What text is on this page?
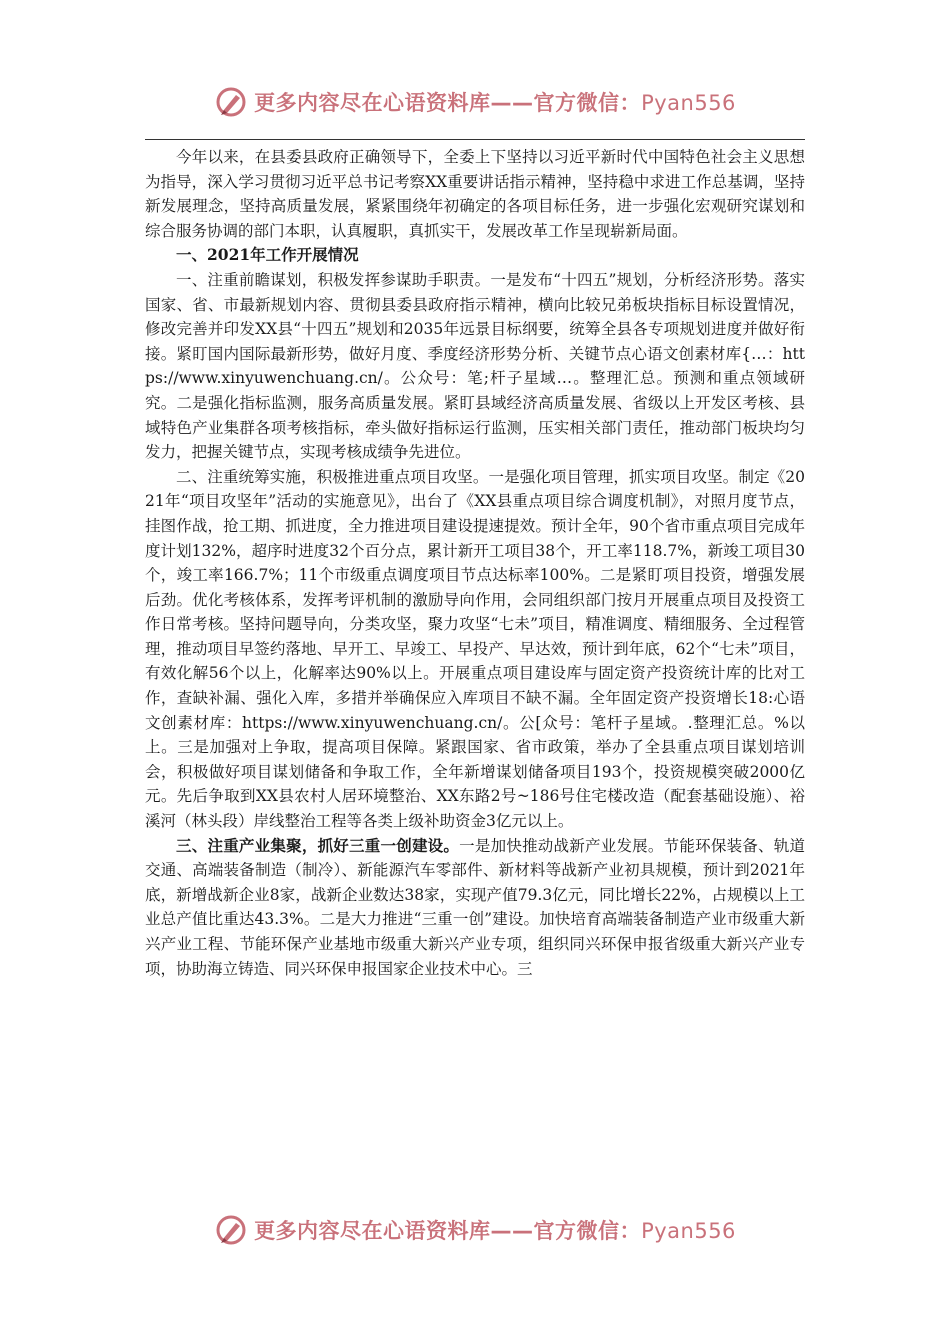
更多内容尽在心语资料库——官方微信：Pyan556

今年以来，在县委县政府正确领导下，全委上下坚持以习近平新时代中国特色社会主义思想为指导，深入学习贯彻习近平总书记考察XX重要讲话指示精神，坚持稳中求进工作总基调，坚持新发展理念，坚持高质量发展，紧紧围绕年初确定的各项目标任务，进一步强化宏观研究谋划和综合服务协调的部门本职，认真履职，真抓实干，发展改革工作呈现崭新局面。

一、2021年工作开展情况

一、注重前瞻谋划，积极发挥参谋助手职责。一是发布“十四五”规划，分析经济形势。落实国家、省、市最新规划内容、贯彻县委县政府指示精神，横向比较兄弟板块指标目标设置情况，修改完善并印发XX县“十四五”规划和2035年远景目标纲要，统筹全县各专项规划进度并做好衔接。紧盯国内国际最新形势，做好月度、季度经济形势分析、关键节点心语文创素材库{…：https://www.xinyuwenchuang.cn/。公众号：笔;杆子星域…。整理汇总。预测和重点领域研究。二是强化指标监测，服务高质量发展。紧盯县域经济高质量发展、省级以上开发区考核、县域特色产业集群各项考核指标，牵头做好指标运行监测，压实相关部门责任，推动部门板块均匀发力，把握关键节点，实现考核成绩争先进位。

二、注重统筹实施，积极推进重点项目攻坚。一是强化项目管理，抓实项目攻坚。制定《2021年“项目攻坚年”活动的实施意见》，出台了《XX县重点项目综合调度机制》，对照月度节点，挂图作战，抢工期、抓进度，全力推进项目建设提速提效。预计全年，90个省市重点项目完成年度计划132%，超序时进度32个百分点，累计新开工项目38个，开工率118.7%，新竣工项目30个，竣工率166.7%；11个市级重点调度项目节点达标率100%。二是紧盯项目投资，增强发展后劲。优化考核体系，发挥考评机制的激励导向作用，会同组织部门按月开展重点项目及投资工作日常考核。坚持问题导向，分类攻坚，聚力攻坚“七未”项目，精准调度、精细服务、全过程管理，推动项目早签约落地、早开工、早竣工、早投产、早达效，预计到年底，62个“七未”项目，有效化解56个以上，化解率达90%以上。开展重点项目建设库与固定资产投资统计库的比对工作，查缺补漏、强化入库，多措并举确保应入库项目不缺不漏。全年固定资产投资增长18:心语文创素材库：https://www.xinyuwenchuang.cn/。公[众号：笔杆子星域。.整理汇总。%以上。三是加强对上争取，提高项目保障。紧跟国家、省市政策，举办了全县重点项目谋划培训会，积极做好项目谋划储备和争取工作，全年新增谋划储备项目193个，投资规模突破2000亿元。先后争取到XX县农村人居环境整治、XX东路2号~186号住宅楼改造（配套基础设施）、裕溪河（林头段）岸线整治工程等各类上级补助资金3亿元以上。

三、注重产业集聚，抓好三重一创建设。一是加快推动战新产业发展。节能环保装备、轨道交通、高端装备制造（制冷）、新能源汽车零部件、新材料等战新产业初具规模，预计到2021年底，新增战新企业8家，战新企业数达38家，实现产值79.3亿元，同比增长22%，占规模以上工业总产值比重达43.3%。二是大力推进“三重一创”建设。加快培育高端装备制造产业市级重大新兴产业工程、节能环保产业基地市级重大新兴产业专项，组织同兴环保申报省级重大新兴产业专项，协助海立铸造、同兴环保申报国家企业技术中心。三

更多内容尽在心语资料库——官方微信：Pyan556
